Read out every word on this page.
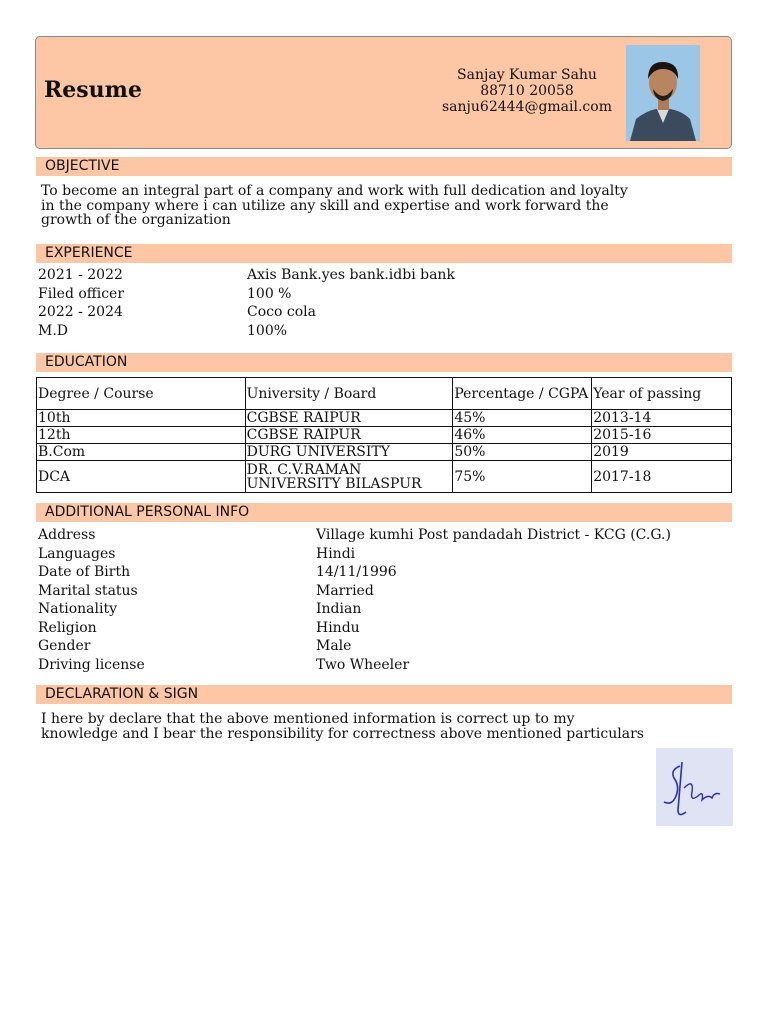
Resume
Sanjay Kumar Sahu
88710 20058
sanju62444@gmail.com
OBJECTIVE
To become an integral part of a company and work with full dedication and loyalty
in the company where i can utilize any skill and expertise and work forward the
growth of the organization
EXPERIENCE
2021 - 2022	Axis Bank.yes bank.idbi bank
Filed officer	100 %
2022 - 2024	Coco cola
M.D	100%
EDUCATION
Degree / Course	University / Board	Percentage / CGPA	Year of passing
10th	CGBSE RAIPUR	45%	2013-14
12th	CGBSE RAIPUR	46%	2015-16
B.Com	DURG UNIVERSITY	50%	2019
DCA	DR. C.V.RAMAN UNIVERSITY BILASPUR	75%	2017-18
ADDITIONAL PERSONAL INFO
Address	Village kumhi Post pandadah District - KCG (C.G.)
Languages	Hindi
Date of Birth	14/11/1996
Marital status	Married
Nationality	Indian
Religion	Hindu
Gender	Male
Driving license	Two Wheeler
DECLARATION & SIGN
I here by declare that the above mentioned information is correct up to my
knowledge and I bear the responsibility for correctness above mentioned particulars
